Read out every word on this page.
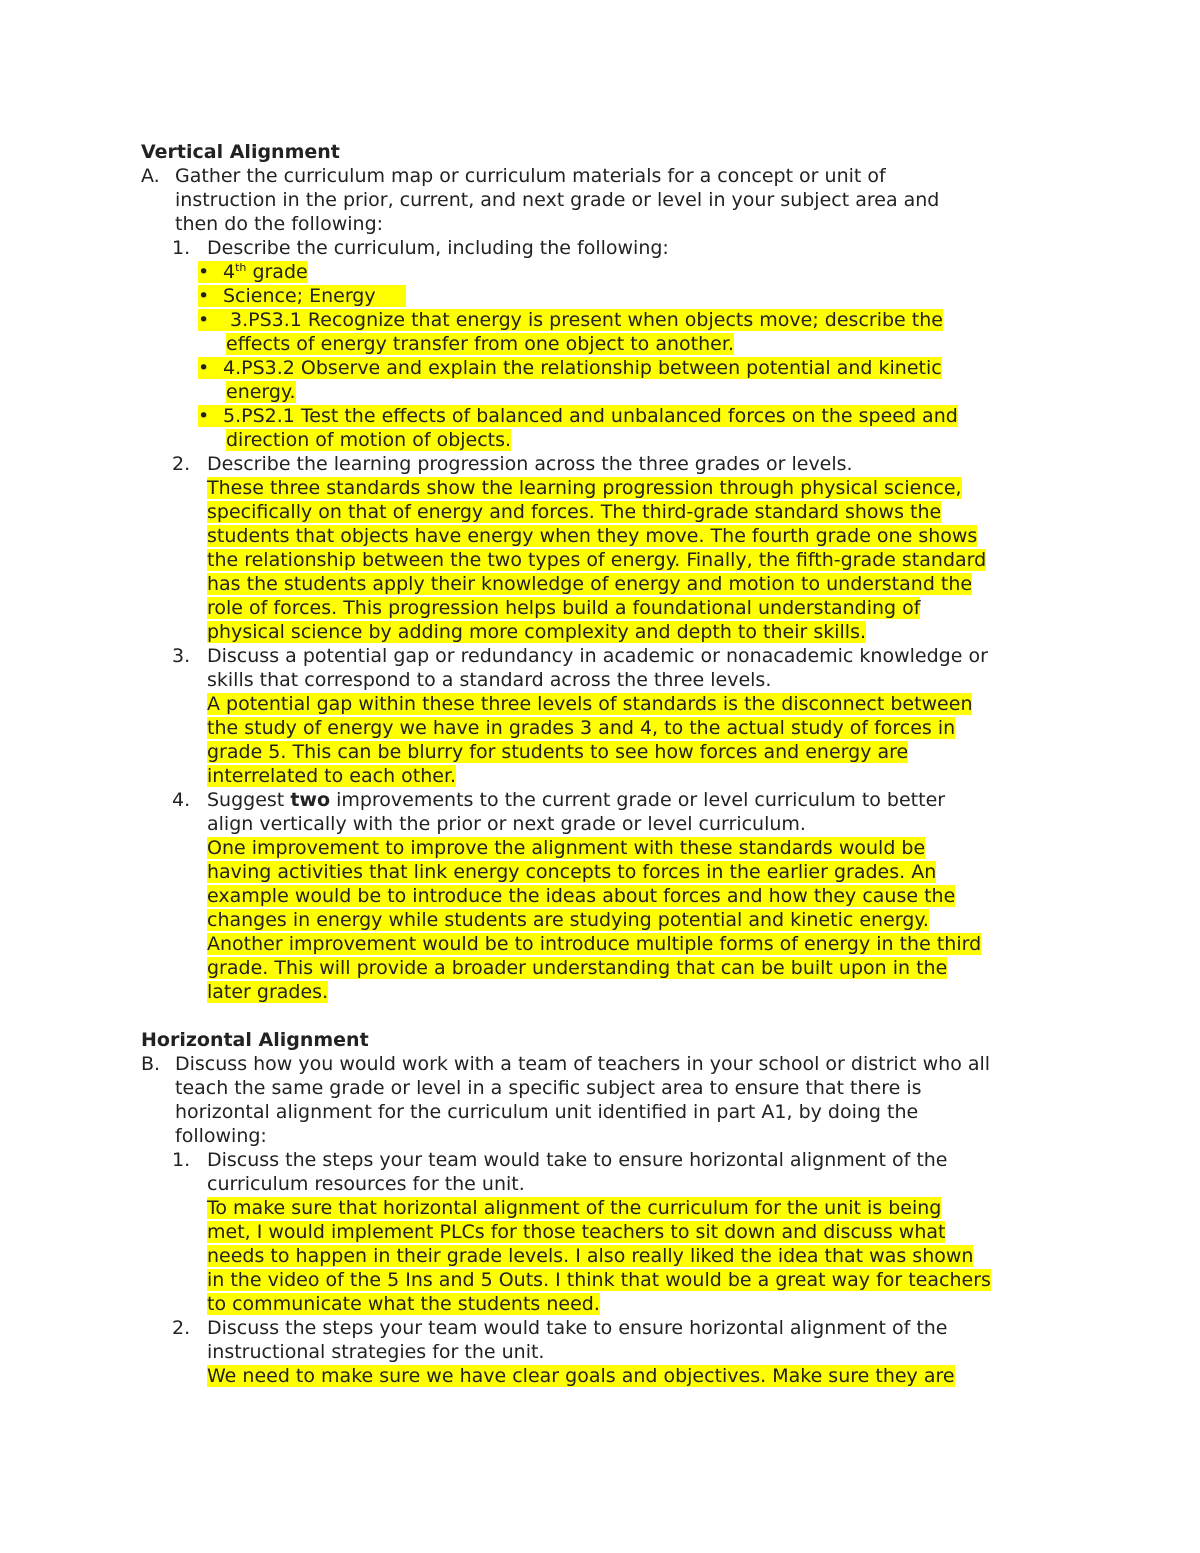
Vertical Alignment
A. Gather the curriculum map or curriculum materials for a concept or unit of
instruction in the prior, current, and next grade or level in your subject area and
then do the following:
1. Describe the curriculum, including the following:
• 4th grade
• Science; Energy
• 3.PS3.1 Recognize that energy is present when objects move; describe the
effects of energy transfer from one object to another.
• 4.PS3.2 Observe and explain the relationship between potential and kinetic
energy.
• 5.PS2.1 Test the effects of balanced and unbalanced forces on the speed and
direction of motion of objects.
2. Describe the learning progression across the three grades or levels.
These three standards show the learning progression through physical science,
specifically on that of energy and forces. The third-grade standard shows the
students that objects have energy when they move. The fourth grade one shows
the relationship between the two types of energy. Finally, the fifth-grade standard
has the students apply their knowledge of energy and motion to understand the
role of forces. This progression helps build a foundational understanding of
physical science by adding more complexity and depth to their skills.
3. Discuss a potential gap or redundancy in academic or nonacademic knowledge or
skills that correspond to a standard across the three levels.
A potential gap within these three levels of standards is the disconnect between
the study of energy we have in grades 3 and 4, to the actual study of forces in
grade 5. This can be blurry for students to see how forces and energy are
interrelated to each other.
4. Suggest two improvements to the current grade or level curriculum to better
align vertically with the prior or next grade or level curriculum.
One improvement to improve the alignment with these standards would be
having activities that link energy concepts to forces in the earlier grades. An
example would be to introduce the ideas about forces and how they cause the
changes in energy while students are studying potential and kinetic energy.
Another improvement would be to introduce multiple forms of energy in the third
grade. This will provide a broader understanding that can be built upon in the
later grades.
Horizontal Alignment
B. Discuss how you would work with a team of teachers in your school or district who all
teach the same grade or level in a specific subject area to ensure that there is
horizontal alignment for the curriculum unit identified in part A1, by doing the
following:
1. Discuss the steps your team would take to ensure horizontal alignment of the
curriculum resources for the unit.
To make sure that horizontal alignment of the curriculum for the unit is being
met, I would implement PLCs for those teachers to sit down and discuss what
needs to happen in their grade levels. I also really liked the idea that was shown
in the video of the 5 Ins and 5 Outs. I think that would be a great way for teachers
to communicate what the students need.
2. Discuss the steps your team would take to ensure horizontal alignment of the
instructional strategies for the unit.
We need to make sure we have clear goals and objectives. Make sure they are
